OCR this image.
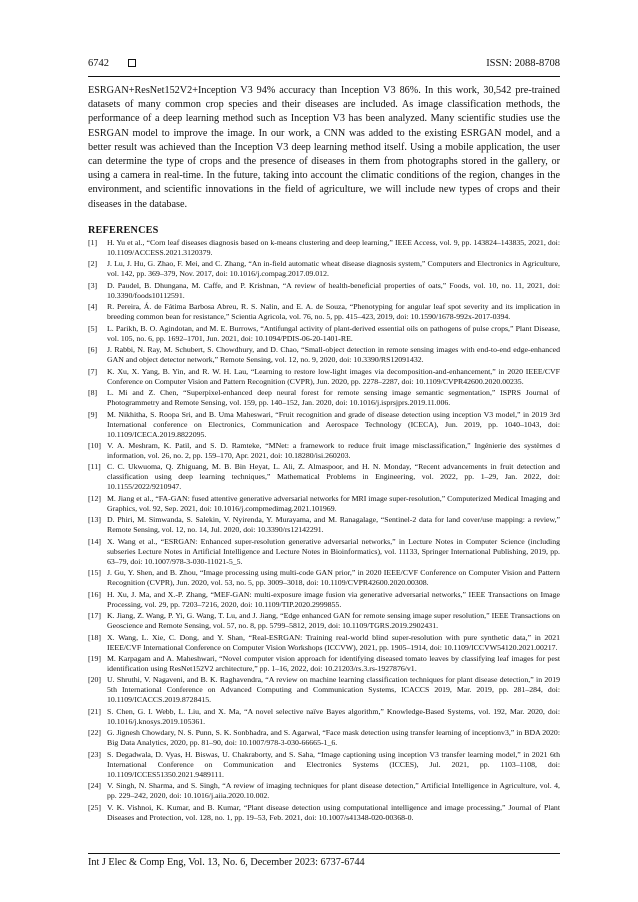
6742	ISSN: 2088-8708
ESRGAN+ResNet152V2+Inception V3 94% accuracy than Inception V3 86%. In this work, 30,542 pre-trained datasets of many common crop species and their diseases are included. As image classification methods, the performance of a deep learning method such as Inception V3 has been analyzed. Many scientific studies use the ESRGAN model to improve the image. In our work, a CNN was added to the existing ESRGAN model, and a better result was achieved than the Inception V3 deep learning method itself. Using a mobile application, the user can determine the type of crops and the presence of diseases in them from photographs stored in the gallery, or using a camera in real-time. In the future, taking into account the climatic conditions of the region, changes in the environment, and scientific innovations in the field of agriculture, we will include new types of crops and their diseases in the database.
REFERENCES
[1]	H. Yu et al., “Corn leaf diseases diagnosis based on k-means clustering and deep learning,” IEEE Access, vol. 9, pp. 143824–143835, 2021, doi: 10.1109/ACCESS.2021.3120379.
[2]	J. Lu, J. Hu, G. Zhao, F. Mei, and C. Zhang, “An in-field automatic wheat disease diagnosis system,” Computers and Electronics in Agriculture, vol. 142, pp. 369–379, Nov. 2017, doi: 10.1016/j.compag.2017.09.012.
[3]	D. Paudel, B. Dhungana, M. Caffe, and P. Krishnan, “A review of health-beneficial properties of oats,” Foods, vol. 10, no. 11, 2021, doi: 10.3390/foods10112591.
[4]	R. Pereira, Á. de Fátima Barbosa Abreu, R. S. Nalin, and E. A. de Souza, “Phenotyping for angular leaf spot severity and its implication in breeding common bean for resistance,” Scientia Agricola, vol. 76, no. 5, pp. 415–423, 2019, doi: 10.1590/1678-992x-2017-0394.
[5]	L. Parikh, B. O. Agindotan, and M. E. Burrows, “Antifungal activity of plant-derived essential oils on pathogens of pulse crops,” Plant Disease, vol. 105, no. 6, pp. 1692–1701, Jun. 2021, doi: 10.1094/PDIS-06-20-1401-RE.
[6]	J. Rabbi, N. Ray, M. Schubert, S. Chowdhury, and D. Chao, “Small-object detection in remote sensing images with end-to-end edge-enhanced GAN and object detector network,” Remote Sensing, vol. 12, no. 9, 2020, doi: 10.3390/RS12091432.
[7]	K. Xu, X. Yang, B. Yin, and R. W. H. Lau, “Learning to restore low-light images via decomposition-and-enhancement,” in 2020 IEEE/CVF Conference on Computer Vision and Pattern Recognition (CVPR), Jun. 2020, pp. 2278–2287, doi: 10.1109/CVPR42600.2020.00235.
[8]	L. Mi and Z. Chen, “Superpixel-enhanced deep neural forest for remote sensing image semantic segmentation,” ISPRS Journal of Photogrammetry and Remote Sensing, vol. 159, pp. 140–152, Jan. 2020, doi: 10.1016/j.isprsjprs.2019.11.006.
[9]	M. Nikhitha, S. Roopa Sri, and B. Uma Maheswari, “Fruit recognition and grade of disease detection using inception V3 model,” in 2019 3rd International conference on Electronics, Communication and Aerospace Technology (ICECA), Jun. 2019, pp. 1040–1043, doi: 10.1109/ICECA.2019.8822095.
[10] V. A. Meshram, K. Patil, and S. D. Ramteke, “MNet: a framework to reduce fruit image misclassification,” Ingénierie des systèmes d information, vol. 26, no. 2, pp. 159–170, Apr. 2021, doi: 10.18280/isi.260203.
[11] C. C. Ukwuoma, Q. Zhiguang, M. B. Bin Heyat, L. Ali, Z. Almaspoor, and H. N. Monday, “Recent advancements in fruit detection and classification using deep learning techniques,” Mathematical Problems in Engineering, vol. 2022, pp. 1–29, Jan. 2022, doi: 10.1155/2022/9210947.
[12] M. Jiang et al., “FA-GAN: fused attentive generative adversarial networks for MRI image super-resolution,” Computerized Medical Imaging and Graphics, vol. 92, Sep. 2021, doi: 10.1016/j.compmedimag.2021.101969.
[13] D. Phiri, M. Simwanda, S. Salekin, V. Nyirenda, Y. Murayama, and M. Ranagalage, “Sentinel-2 data for land cover/use mapping: a review,” Remote Sensing, vol. 12, no. 14, Jul. 2020, doi: 10.3390/rs12142291.
[14] X. Wang et al., “ESRGAN: Enhanced super-resolution generative adversarial networks,” in Lecture Notes in Computer Science (including subseries Lecture Notes in Artificial Intelligence and Lecture Notes in Bioinformatics), vol. 11133, Springer International Publishing, 2019, pp. 63–79, doi: 10.1007/978-3-030-11021-5_5.
[15] J. Gu, Y. Shen, and B. Zhou, “Image processing using multi-code GAN prior,” in 2020 IEEE/CVF Conference on Computer Vision and Pattern Recognition (CVPR), Jun. 2020, vol. 53, no. 5, pp. 3009–3018, doi: 10.1109/CVPR42600.2020.00308.
[16] H. Xu, J. Ma, and X.-P. Zhang, “MEF-GAN: multi-exposure image fusion via generative adversarial networks,” IEEE Transactions on Image Processing, vol. 29, pp. 7203–7216, 2020, doi: 10.1109/TIP.2020.2999855.
[17] K. Jiang, Z. Wang, P. Yi, G. Wang, T. Lu, and J. Jiang, “Edge enhanced GAN for remote sensing image super resolution,” IEEE Transactions on Geoscience and Remote Sensing, vol. 57, no. 8, pp. 5799–5812, 2019, doi: 10.1109/TGRS.2019.2902431.
[18] X. Wang, L. Xie, C. Dong, and Y. Shan, “Real-ESRGAN: Training real-world blind super-resolution with pure synthetic data,” in 2021 IEEE/CVF International Conference on Computer Vision Workshops (ICCVW), 2021, pp. 1905–1914, doi: 10.1109/ICCVW54120.2021.00217.
[19] M. Karpagam and A. Maheshwari, “Novel computer vision approach for identifying diseased tomato leaves by classifying leaf images for pest identification using ResNet152V2 architecture,” pp. 1–16, 2022, doi: 10.21203/rs.3.rs-1927876/v1.
[20] U. Shruthi, V. Nagaveni, and B. K. Raghavendra, “A review on machine learning classification techniques for plant disease detection,” in 2019 5th International Conference on Advanced Computing and Communication Systems, ICACCS 2019, Mar. 2019, pp. 281–284, doi: 10.1109/ICACCS.2019.8728415.
[21] S. Chen, G. I. Webb, L. Liu, and X. Ma, “A novel selective naïve Bayes algorithm,” Knowledge-Based Systems, vol. 192, Mar. 2020, doi: 10.1016/j.knosys.2019.105361.
[22] G. Jignesh Chowdary, N. S. Punn, S. K. Sonbhadra, and S. Agarwal, “Face mask detection using transfer learning of inceptionv3,” in BDA 2020: Big Data Analytics, 2020, pp. 81–90, doi: 10.1007/978-3-030-66665-1_6.
[23] S. Degadwala, D. Vyas, H. Biswas, U. Chakraborty, and S. Saha, “Image captioning using inception V3 transfer learning model,” in 2021 6th International Conference on Communication and Electronics Systems (ICCES), Jul. 2021, pp. 1103–1108, doi: 10.1109/ICCES51350.2021.9489111.
[24] V. Singh, N. Sharma, and S. Singh, “A review of imaging techniques for plant disease detection,” Artificial Intelligence in Agriculture, vol. 4, pp. 229–242, 2020, doi: 10.1016/j.aiia.2020.10.002.
[25] V. K. Vishnoi, K. Kumar, and B. Kumar, “Plant disease detection using computational intelligence and image processing,” Journal of Plant Diseases and Protection, vol. 128, no. 1, pp. 19–53, Feb. 2021, doi: 10.1007/s41348-020-00368-0.
Int J Elec & Comp Eng, Vol. 13, No. 6, December 2023: 6737-6744
